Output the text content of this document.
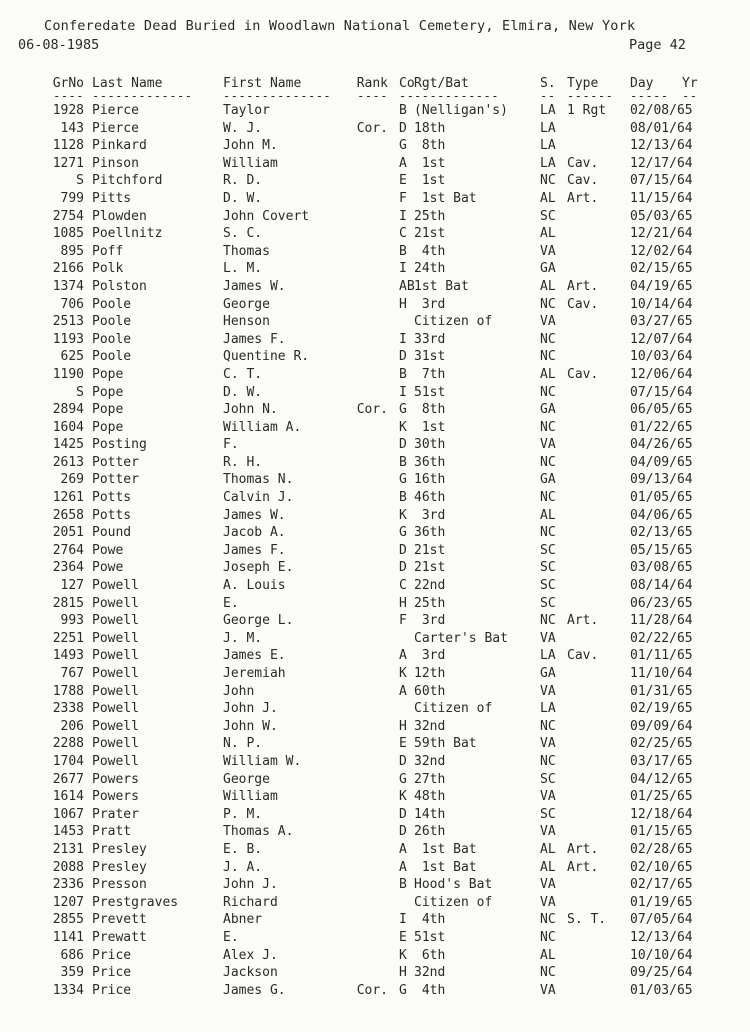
Conferedate Dead Buried in Woodlawn National Cemetery, Elmira, New York
06-08-1985	Page 42
GrNo Last Name	First Name	Rank Co Rgt/Bat	S. Type Day Yr
---- -------------	-------------- ---- -- -----------	-- ------ ----- --
1928 Pierce	Taylor	B (Nelligan's) LA 1 Rgt 02/08/65
143 Pierce	W. J.	Cor. D 18th	LA	08/01/64
1128 Pinkard	John M.	G 8th	LA	12/13/64
1271 Pinson	William	A 1st	LA Cav. 12/17/64
S Pitchford	R. D.	E 1st	NC Cav. 07/15/64
799 Pitts	D. W.	F 1st Bat	AL Art. 11/15/64
2754 Plowden	John Covert	I 25th	SC	05/03/65
1085 Poellnitz	S. C.	C 21st	AL	12/21/64
895 Poff	Thomas	B 4th	VA	12/02/64
2166 Polk	L. M.	I 24th	GA	02/15/65
1374 Polston	James W.	AB 1st Bat	AL Art. 04/19/65
706 Poole	George	H 3rd	NC Cav. 10/14/64
2513 Poole	Henson	Citizen of	VA	03/27/65
1193 Poole	James F.	I 33rd	NC	12/07/64
625 Poole	Quentine R.	D 31st	NC	10/03/64
1190 Pope	C. T.	B 7th	AL Cav. 12/06/64
S Pope	D. W.	I 51st	NC	07/15/64
2894 Pope	John N.	Cor. G 8th	GA	06/05/65
1604 Pope	William A.	K 1st	NC	01/22/65
1425 Posting	F.	D 30th	VA	04/26/65
2613 Potter	R. H.	B 36th	NC	04/09/65
269 Potter	Thomas N.	G 16th	GA	09/13/64
1261 Potts	Calvin J.	B 46th	NC	01/05/65
2658 Potts	James W.	K 3rd	AL	04/06/65
2051 Pound	Jacob A.	G 36th	NC	02/13/65
2764 Powe	James F.	D 21st	SC	05/15/65
2364 Powe	Joseph E.	D 21st	SC	03/08/65
127 Powell	A. Louis	C 22nd	SC	08/14/64
2815 Powell	E.	H 25th	SC	06/23/65
993 Powell	George L.	F 3rd	NC Art. 11/28/64
2251 Powell	J. M.	Carter's Bat VA	02/22/65
1493 Powell	James E.	A 3rd	LA Cav. 01/11/65
767 Powell	Jeremiah	K 12th	GA	11/10/64
1788 Powell	John	A 60th	VA	01/31/65
2338 Powell	John J.	Citizen of	LA	02/19/65
206 Powell	John W.	H 32nd	NC	09/09/64
2288 Powell	N. P.	E 59th Bat	VA	02/25/65
1704 Powell	William W.	D 32nd	NC	03/17/65
2677 Powers	George	G 27th	SC	04/12/65
1614 Powers	William	K 48th	VA	01/25/65
1067 Prater	P. M.	D 14th	SC	12/18/64
1453 Pratt	Thomas A.	D 26th	VA	01/15/65
2131 Presley	E. B.	A 1st Bat	AL Art. 02/28/65
2088 Presley	J. A.	A 1st Bat	AL Art. 02/10/65
2336 Presson	John J.	B Hood's Bat	VA	02/17/65
1207 Prestgraves	Richard	Citizen of	VA	01/19/65
2855 Prevett	Abner	I 4th	NC S. T. 07/05/64
1141 Prewatt	E.	E 51st	NC	12/13/64
686 Price	Alex J.	K 6th	AL	10/10/64
359 Price	Jackson	H 32nd	NC	09/25/64
1334 Price	James G.	Cor. G 4th	VA	01/03/65
